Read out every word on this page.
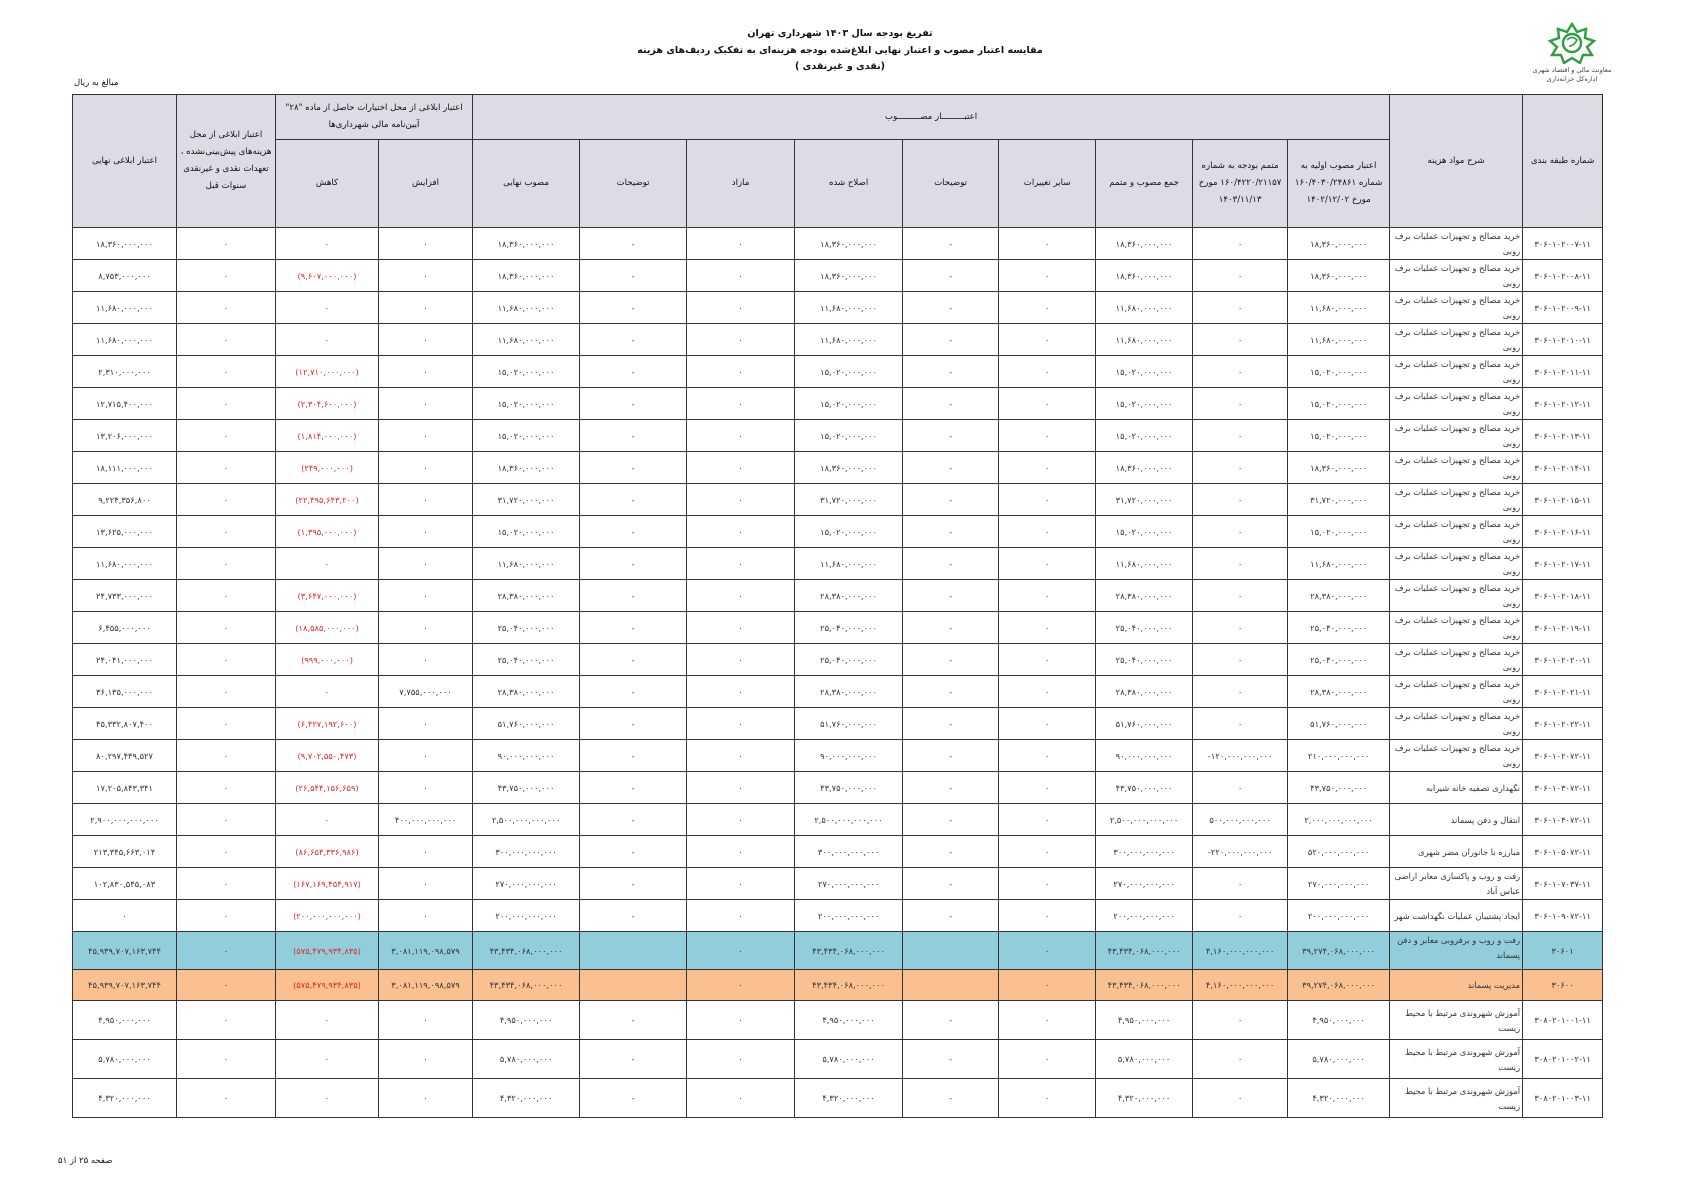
معاونت مالی و اقتصاد شهری
اداره‌کل خزانه‌داری
تفریغ بودجه سال ۱۴۰۳ شهرداری تهران
مقایسه اعتبار مصوب و اعتبار نهایی ابلاغ‌شده بودجه هزینه‌ای به تفکیک ردیف‌های هزینه
(نقدی و غیرنقدی )
مبالغ به ریال
شماره طبقه بندی	شرح مواد هزینه	اعتبـــــــــار مصـــــــــوب									اعتبار ابلاغی از محل اختیارات حاصل از ماده "۲۸" آیین‌نامه مالی شهرداری‌ها		اعتبار ابلاغی از محل هزینه‌های پیش‌بینی‌نشده ، تعهدات نقدی و غیرنقدی سنوات قبل	اعتبار ابلاغی نهایی
		اعتبار مصوب اولیه به شماره ۱۶۰/۴۰۳۰/۲۴۸۶۱ مورخ ۱۴۰۲/۱۲/۰۲	متمم بودجه به شماره ۱۶۰/۴۲۲۰/۲۱۱۵۷ مورخ ۱۴۰۳/۱۱/۱۳	جمع مصوب و متمم	سایر تغییرات	توضیحات	اصلاح شده	مازاد	توضیحات	مصوب نهایی	افزایش	کاهش		
۳۰۶۰۱۰۲۰۰۷-۱۱	خرید مصالح و تجهیزات عملیات برف روبی	۱۸,۳۶۰,۰۰۰,۰۰۰	۰	۱۸,۳۶۰,۰۰۰,۰۰۰	۰	-	۱۸,۳۶۰,۰۰۰,۰۰۰	۰	-	۱۸,۳۶۰,۰۰۰,۰۰۰	۰	۰	۰	۱۸,۳۶۰,۰۰۰,۰۰۰
۳۰۶۰۱۰۲۰۰۸-۱۱	خرید مصالح و تجهیزات عملیات برف روبی	۱۸,۳۶۰,۰۰۰,۰۰۰	۰	۱۸,۳۶۰,۰۰۰,۰۰۰	۰	-	۱۸,۳۶۰,۰۰۰,۰۰۰	۰	-	۱۸,۳۶۰,۰۰۰,۰۰۰	۰	(۹,۶۰۷,۰۰۰,۰۰۰)	۰	۸,۷۵۳,۰۰۰,۰۰۰
۳۰۶۰۱۰۲۰۰۹-۱۱	خرید مصالح و تجهیزات عملیات برف روبی	۱۱,۶۸۰,۰۰۰,۰۰۰	۰	۱۱,۶۸۰,۰۰۰,۰۰۰	۰	-	۱۱,۶۸۰,۰۰۰,۰۰۰	۰	-	۱۱,۶۸۰,۰۰۰,۰۰۰	۰	۰	۰	۱۱,۶۸۰,۰۰۰,۰۰۰
۳۰۶۰۱۰۲۰۱۰-۱۱	خرید مصالح و تجهیزات عملیات برف روبی	۱۱,۶۸۰,۰۰۰,۰۰۰	۰	۱۱,۶۸۰,۰۰۰,۰۰۰	۰	-	۱۱,۶۸۰,۰۰۰,۰۰۰	۰	-	۱۱,۶۸۰,۰۰۰,۰۰۰	۰	۰	۰	۱۱,۶۸۰,۰۰۰,۰۰۰
۳۰۶۰۱۰۲۰۱۱-۱۱	خرید مصالح و تجهیزات عملیات برف روبی	۱۵,۰۲۰,۰۰۰,۰۰۰	۰	۱۵,۰۲۰,۰۰۰,۰۰۰	۰	-	۱۵,۰۲۰,۰۰۰,۰۰۰	۰	-	۱۵,۰۲۰,۰۰۰,۰۰۰	۰	(۱۲,۷۱۰,۰۰۰,۰۰۰)	۰	۲,۳۱۰,۰۰۰,۰۰۰
۳۰۶۰۱۰۲۰۱۲-۱۱	خرید مصالح و تجهیزات عملیات برف روبی	۱۵,۰۲۰,۰۰۰,۰۰۰	۰	۱۵,۰۲۰,۰۰۰,۰۰۰	۰	-	۱۵,۰۲۰,۰۰۰,۰۰۰	۰	-	۱۵,۰۲۰,۰۰۰,۰۰۰	۰	(۲,۳۰۴,۶۰۰,۰۰۰)	۰	۱۲,۷۱۵,۴۰۰,۰۰۰
۳۰۶۰۱۰۲۰۱۳-۱۱	خرید مصالح و تجهیزات عملیات برف روبی	۱۵,۰۲۰,۰۰۰,۰۰۰	۰	۱۵,۰۲۰,۰۰۰,۰۰۰	۰	-	۱۵,۰۲۰,۰۰۰,۰۰۰	۰	-	۱۵,۰۲۰,۰۰۰,۰۰۰	۰	(۱,۸۱۴,۰۰۰,۰۰۰)	۰	۱۳,۲۰۶,۰۰۰,۰۰۰
۳۰۶۰۱۰۲۰۱۴-۱۱	خرید مصالح و تجهیزات عملیات برف روبی	۱۸,۳۶۰,۰۰۰,۰۰۰	۰	۱۸,۳۶۰,۰۰۰,۰۰۰	۰	-	۱۸,۳۶۰,۰۰۰,۰۰۰	۰	-	۱۸,۳۶۰,۰۰۰,۰۰۰	۰	(۲۴۹,۰۰۰,۰۰۰)	۰	۱۸,۱۱۱,۰۰۰,۰۰۰
۳۰۶۰۱۰۲۰۱۵-۱۱	خرید مصالح و تجهیزات عملیات برف روبی	۳۱,۷۲۰,۰۰۰,۰۰۰	۰	۳۱,۷۲۰,۰۰۰,۰۰۰	۰	-	۳۱,۷۲۰,۰۰۰,۰۰۰	۰	-	۳۱,۷۲۰,۰۰۰,۰۰۰	۰	(۲۲,۴۹۵,۶۴۳,۲۰۰)	۰	۹,۲۲۴,۳۵۶,۸۰۰
۳۰۶۰۱۰۲۰۱۶-۱۱	خرید مصالح و تجهیزات عملیات برف روبی	۱۵,۰۲۰,۰۰۰,۰۰۰	۰	۱۵,۰۲۰,۰۰۰,۰۰۰	۰	-	۱۵,۰۲۰,۰۰۰,۰۰۰	۰	-	۱۵,۰۲۰,۰۰۰,۰۰۰	۰	(۱,۳۹۵,۰۰۰,۰۰۰)	۰	۱۳,۶۲۵,۰۰۰,۰۰۰
۳۰۶۰۱۰۲۰۱۷-۱۱	خرید مصالح و تجهیزات عملیات برف روبی	۱۱,۶۸۰,۰۰۰,۰۰۰	۰	۱۱,۶۸۰,۰۰۰,۰۰۰	۰	-	۱۱,۶۸۰,۰۰۰,۰۰۰	۰	-	۱۱,۶۸۰,۰۰۰,۰۰۰	۰	۰	۰	۱۱,۶۸۰,۰۰۰,۰۰۰
۳۰۶۰۱۰۲۰۱۸-۱۱	خرید مصالح و تجهیزات عملیات برف روبی	۲۸,۳۸۰,۰۰۰,۰۰۰	۰	۲۸,۳۸۰,۰۰۰,۰۰۰	۰	-	۲۸,۳۸۰,۰۰۰,۰۰۰	۰	-	۲۸,۳۸۰,۰۰۰,۰۰۰	۰	(۳,۶۴۷,۰۰۰,۰۰۰)	۰	۲۴,۷۳۳,۰۰۰,۰۰۰
۳۰۶۰۱۰۲۰۱۹-۱۱	خرید مصالح و تجهیزات عملیات برف روبی	۲۵,۰۴۰,۰۰۰,۰۰۰	۰	۲۵,۰۴۰,۰۰۰,۰۰۰	۰	-	۲۵,۰۴۰,۰۰۰,۰۰۰	۰	-	۲۵,۰۴۰,۰۰۰,۰۰۰	۰	(۱۸,۵۸۵,۰۰۰,۰۰۰)	۰	۶,۴۵۵,۰۰۰,۰۰۰
۳۰۶۰۱۰۲۰۲۰-۱۱	خرید مصالح و تجهیزات عملیات برف روبی	۲۵,۰۴۰,۰۰۰,۰۰۰	۰	۲۵,۰۴۰,۰۰۰,۰۰۰	۰	-	۲۵,۰۴۰,۰۰۰,۰۰۰	۰	-	۲۵,۰۴۰,۰۰۰,۰۰۰	۰	(۹۹۹,۰۰۰,۰۰۰)	۰	۲۴,۰۴۱,۰۰۰,۰۰۰
۳۰۶۰۱۰۲۰۲۱-۱۱	خرید مصالح و تجهیزات عملیات برف روبی	۲۸,۳۸۰,۰۰۰,۰۰۰	۰	۲۸,۳۸۰,۰۰۰,۰۰۰	۰	-	۲۸,۳۸۰,۰۰۰,۰۰۰	۰	-	۲۸,۳۸۰,۰۰۰,۰۰۰	۷,۷۵۵,۰۰۰,۰۰۰	۰	۰	۳۶,۱۳۵,۰۰۰,۰۰۰
۳۰۶۰۱۰۲۰۲۲-۱۱	خرید مصالح و تجهیزات عملیات برف روبی	۵۱,۷۶۰,۰۰۰,۰۰۰	۰	۵۱,۷۶۰,۰۰۰,۰۰۰	۰	-	۵۱,۷۶۰,۰۰۰,۰۰۰	۰	-	۵۱,۷۶۰,۰۰۰,۰۰۰	۰	(۶,۴۲۷,۱۹۲,۶۰۰)	۰	۴۵,۳۳۲,۸۰۷,۴۰۰
۳۰۶۰۱۰۲۰۷۲-۱۱	خرید مصالح و تجهیزات عملیات برف روبی	۲۱۰,۰۰۰,۰۰۰,۰۰۰	-۱۲۰,۰۰۰,۰۰۰,۰۰۰	۹۰,۰۰۰,۰۰۰,۰۰۰	۰	-	۹۰,۰۰۰,۰۰۰,۰۰۰	۰	-	۹۰,۰۰۰,۰۰۰,۰۰۰	۰	(۹,۷۰۲,۵۵۰,۴۷۳)	۰	۸۰,۲۹۷,۴۴۹,۵۲۷
۳۰۶۰۱۰۳۰۷۲-۱۱	نگهداری تصفیه خانه شیرابه	۴۳,۷۵۰,۰۰۰,۰۰۰	۰	۴۳,۷۵۰,۰۰۰,۰۰۰	۰	-	۴۳,۷۵۰,۰۰۰,۰۰۰	۰	-	۴۳,۷۵۰,۰۰۰,۰۰۰	۰	(۲۶,۵۴۴,۱۵۶,۶۵۹)	۰	۱۷,۲۰۵,۸۴۳,۳۴۱
۳۰۶۰۱۰۴۰۷۲-۱۱	انتقال و دفن پسماند	۲,۰۰۰,۰۰۰,۰۰۰,۰۰۰	۵۰۰,۰۰۰,۰۰۰,۰۰۰	۲,۵۰۰,۰۰۰,۰۰۰,۰۰۰	۰	-	۲,۵۰۰,۰۰۰,۰۰۰,۰۰۰	۰	-	۲,۵۰۰,۰۰۰,۰۰۰,۰۰۰	۴۰۰,۰۰۰,۰۰۰,۰۰۰	۰	۰	۲,۹۰۰,۰۰۰,۰۰۰,۰۰۰
۳۰۶۰۱۰۵۰۷۲-۱۱	مبارزه با جانوران مضر شهری	۵۲۰,۰۰۰,۰۰۰,۰۰۰	-۲۲۰,۰۰۰,۰۰۰,۰۰۰	۳۰۰,۰۰۰,۰۰۰,۰۰۰	۰	-	۳۰۰,۰۰۰,۰۰۰,۰۰۰	۰	-	۳۰۰,۰۰۰,۰۰۰,۰۰۰	۰	(۸۶,۶۵۴,۳۳۶,۹۸۶)	۰	۲۱۳,۳۴۵,۶۶۳,۰۱۴
۳۰۶۰۱۰۷۰۳۷-۱۱	رفت و روب و پاکسازی معابر اراضی عباس آباد	۲۷۰,۰۰۰,۰۰۰,۰۰۰	۰	۲۷۰,۰۰۰,۰۰۰,۰۰۰	۰	-	۲۷۰,۰۰۰,۰۰۰,۰۰۰	۰	-	۲۷۰,۰۰۰,۰۰۰,۰۰۰	۰	(۱۶۷,۱۶۹,۴۵۴,۹۱۷)	۰	۱۰۲,۸۳۰,۵۴۵,۰۸۳
۳۰۶۰۱۰۹۰۷۲-۱۱	ایجاد پشتیبان عملیات نگهداشت شهر	۲۰۰,۰۰۰,۰۰۰,۰۰۰	۰	۲۰۰,۰۰۰,۰۰۰,۰۰۰	۰	-	۲۰۰,۰۰۰,۰۰۰,۰۰۰	۰	-	۲۰۰,۰۰۰,۰۰۰,۰۰۰	۰	(۲۰۰,۰۰۰,۰۰۰,۰۰۰)	۰	۰
۳۰۶۰۱	رفت و روب و برفروبی معابر و دفن پسماند	۳۹,۲۷۴,۰۶۸,۰۰۰,۰۰۰	۴,۱۶۰,۰۰۰,۰۰۰,۰۰۰	۴۳,۴۳۴,۰۶۸,۰۰۰,۰۰۰	۰		۴۳,۴۳۴,۰۶۸,۰۰۰,۰۰۰	۰		۴۳,۴۳۴,۰۶۸,۰۰۰,۰۰۰	۳,۰۸۱,۱۱۹,۰۹۸,۵۷۹	(۵۷۵,۴۷۹,۹۳۴,۸۳۵)	۰	۴۵,۹۳۹,۷۰۷,۱۶۳,۷۴۴
۳۰۶۰۰	مدیریت پسماند	۳۹,۲۷۴,۰۶۸,۰۰۰,۰۰۰	۴,۱۶۰,۰۰۰,۰۰۰,۰۰۰	۴۳,۴۳۴,۰۶۸,۰۰۰,۰۰۰	۰		۴۳,۴۳۴,۰۶۸,۰۰۰,۰۰۰	۰		۴۳,۴۳۴,۰۶۸,۰۰۰,۰۰۰	۳,۰۸۱,۱۱۹,۰۹۸,۵۷۹	(۵۷۵,۴۷۹,۹۳۴,۸۳۵)	۰	۴۵,۹۳۹,۷۰۷,۱۶۳,۷۴۴
۳۰۸۰۲۰۱۰۰۱-۱۱	آموزش شهروندی مرتبط با محیط زیست	۴,۹۵۰,۰۰۰,۰۰۰	۰	۴,۹۵۰,۰۰۰,۰۰۰	۰	-	۴,۹۵۰,۰۰۰,۰۰۰	۰	-	۴,۹۵۰,۰۰۰,۰۰۰	۰	۰	۰	۴,۹۵۰,۰۰۰,۰۰۰
۳۰۸۰۲۰۱۰۰۲-۱۱	آموزش شهروندی مرتبط با محیط زیست	۵,۷۸۰,۰۰۰,۰۰۰	۰	۵,۷۸۰,۰۰۰,۰۰۰	۰	-	۵,۷۸۰,۰۰۰,۰۰۰	۰	-	۵,۷۸۰,۰۰۰,۰۰۰	۰	۰	۰	۵,۷۸۰,۰۰۰,۰۰۰
۳۰۸۰۲۰۱۰۰۳-۱۱	آموزش شهروندی مرتبط با محیط زیست	۴,۳۲۰,۰۰۰,۰۰۰	۰	۴,۳۲۰,۰۰۰,۰۰۰	۰	-	۴,۳۲۰,۰۰۰,۰۰۰	۰	-	۴,۳۲۰,۰۰۰,۰۰۰	۰	۰	۰	۴,۳۲۰,۰۰۰,۰۰۰
صفحه ۲۵ از ۵۱
